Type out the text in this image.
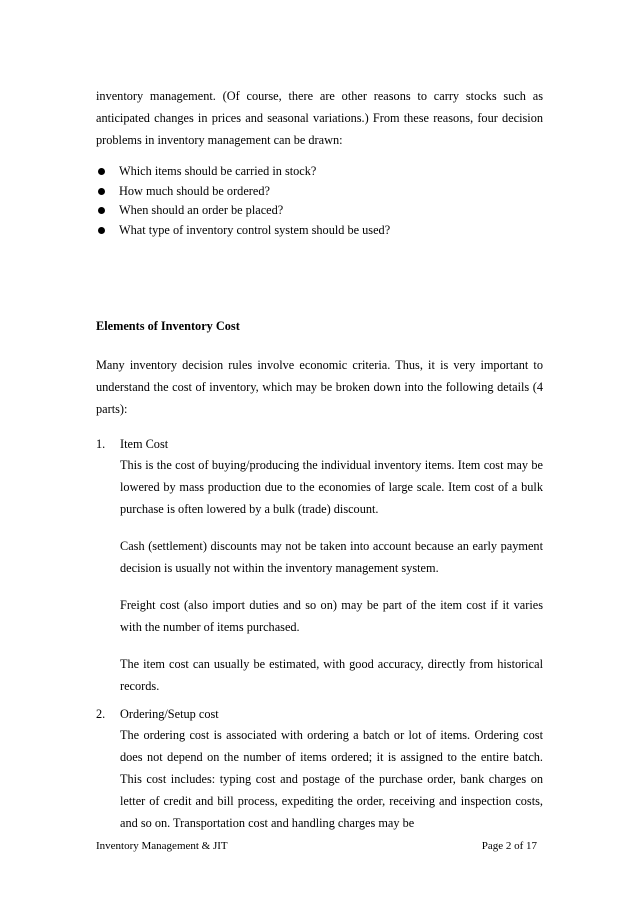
inventory management. (Of course, there are other reasons to carry stocks such as anticipated changes in prices and seasonal variations.) From these reasons, four decision problems in inventory management can be drawn:

Which items should be carried in stock?
How much should be ordered?
When should an order be placed?
What type of inventory control system should be used?
Elements of Inventory Cost

Many inventory decision rules involve economic criteria. Thus, it is very important to understand the cost of inventory, which may be broken down into the following details (4 parts):

1. Item Cost

This is the cost of buying/producing the individual inventory items. Item cost may be lowered by mass production due to the economies of large scale. Item cost of a bulk purchase is often lowered by a bulk (trade) discount.

Cash (settlement) discounts may not be taken into account because an early payment decision is usually not within the inventory management system.

Freight cost (also import duties and so on) may be part of the item cost if it varies with the number of items purchased.

The item cost can usually be estimated, with good accuracy, directly from historical records.

2. Ordering/Setup cost

The ordering cost is associated with ordering a batch or lot of items. Ordering cost does not depend on the number of items ordered; it is assigned to the entire batch. This cost includes: typing cost and postage of the purchase order, bank charges on letter of credit and bill process, expediting the order, receiving and inspection costs, and so on. Transportation cost and handling charges may be

Inventory Management & JIT	Page 2 of 17
